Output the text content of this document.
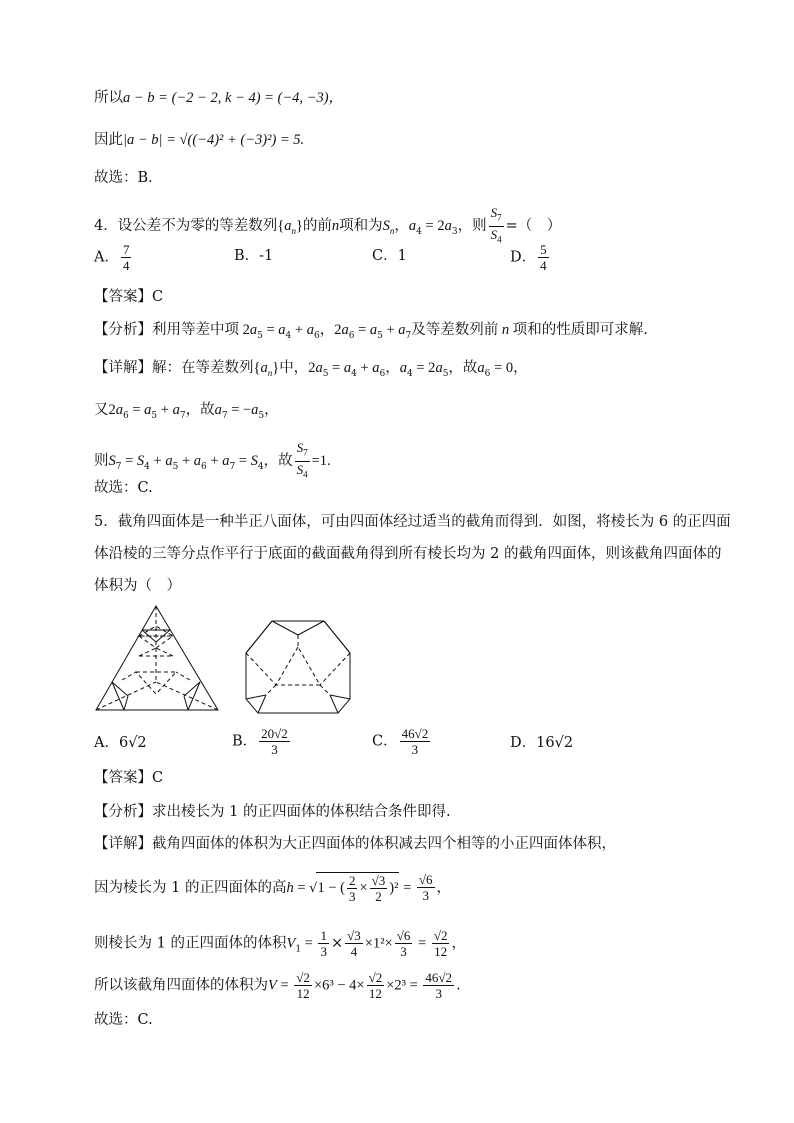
所以a − b = (−2 − 2, k − 4) = (−4, −3)，
因此|a − b| = √((−4)² + (−3)²) = 5.
故选：B．
4．设公差不为零的等差数列$\{a_n\}$的前n项和为$S_n$，$a_4 = 2a_3$，则 $\frac{S_7}{S_4}$ =（　）
A． $\frac{7}{4}$	B．-1	C．1	D． $\frac{5}{4}$
【答案】C
【分析】利用等差中项 $2a_5 = a_4 + a_6$，$2a_6 = a_5 + a_7$及等差数列前 n 项和的性质即可求解.
【详解】解：在等差数列$\{a_n\}$中，$2a_5 = a_4 + a_6$，$a_4 = 2a_5$，故$a_6 = 0$，
又$2a_6 = a_5 + a_7$，故$a_7 = -a_5$，
则$S_7 = S_4 + a_5 + a_6 + a_7 = S_4$，故 $\frac{S_7}{S_4} =1$.
故选：C.
5．截角四面体是一种半正八面体，可由四面体经过适当的截角而得到．如图，将棱长为 6 的正四面
体沿棱的三等分点作平行于底面的截面截角得到所有棱长均为 2 的截角四面体，则该截角四面体的
体积为（　）
A．6√2	B． $\frac{20√2}{3}$	C． $\frac{46√2}{3}$	D．16√2
【答案】C
【分析】求出棱长为 1 的正四面体的体积结合条件即得.
【详解】截角四面体的体积为大正四面体的体积减去四个相等的小正四面体体积，
因为棱长为 1 的正四面体的高h = √1 − ( $\frac{2}{3} \times \frac{√3}{2} )^2 = \frac{√6}{3}$ ，
则棱长为 1 的正四面体的体积$V_1 = \frac{1}{3} \times \frac{√3}{4} \times 1^2\times \frac{√6}{3} = \frac{√2}{12}$ ，
所以该截角四面体的体积为$V = \frac{√2}{12} \times 6^3 - 4\times \frac{√2}{12} \times 2^3 = \frac{46√2}{3}$ .
故选：C.
